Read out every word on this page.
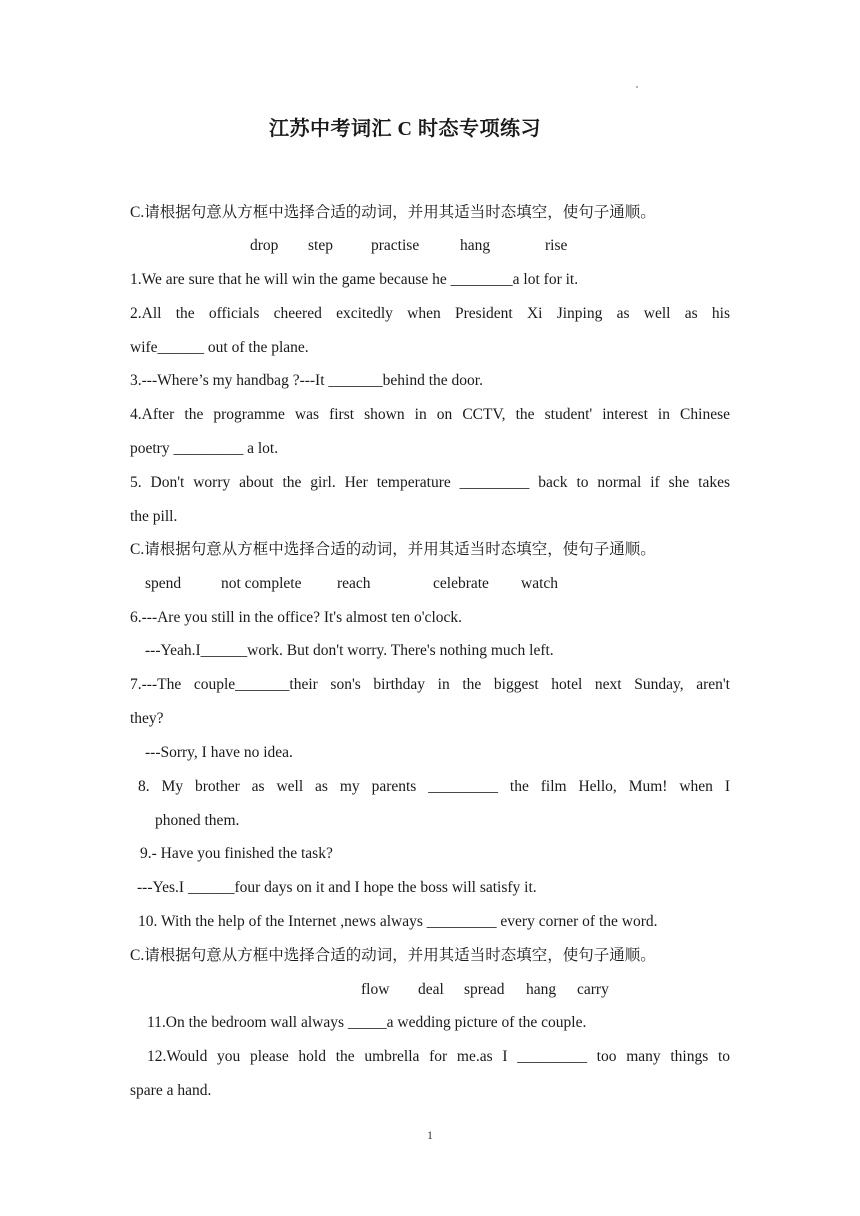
江苏中考词汇 C 时态专项练习
C.请根据句意从方框中选择合适的动词，并用其适当时态填空，使句子通顺。
drop step practise	hang	rise
1.We are sure that he will win the game because he ________a lot for it.
2.All the officials cheered excitedly when President Xi Jinping as well as his
wife______ out of the plane.
3.---Where’s my handbag ?---It _______behind the door.
4.After the programme was first shown in on CCTV, the student' interest in Chinese
poetry _________ a lot.
5. Don't worry about the girl. Her temperature _________ back to normal if she takes
the pill.
C.请根据句意从方框中选择合适的动词，并用其适当时态填空，使句子通顺。
spend	not complete reach	celebrate watch
6.---Are you still in the office? It's almost ten o'clock.
---Yeah.I______work. But don't worry. There's nothing much left.
7.---The couple_______their son's birthday in the biggest hotel next Sunday, aren't
they?
---Sorry, I have no idea.
8. My brother as well as my parents _________ the film Hello, Mum! when I
phoned them.
9.- Have you finished the task?
---Yes.I ______four days on it and I hope the boss will satisfy it.
10. With the help of the Internet ,news always _________ every corner of the word.
C.请根据句意从方框中选择合适的动词，并用其适当时态填空，使句子通顺。
flow deal spread hang carry
11.On the bedroom wall always _____a wedding picture of the couple.
12.Would you please hold the umbrella for me.as I _________ too many things to
spare a hand.
1
